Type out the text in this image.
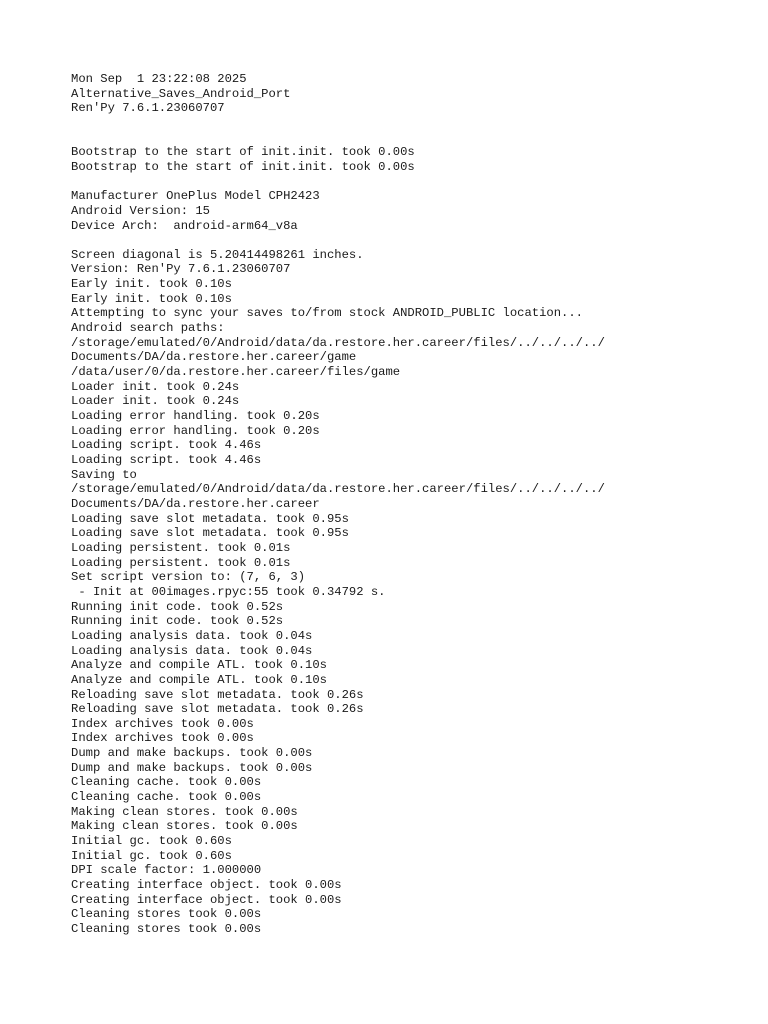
Mon Sep  1 23:22:08 2025
Alternative_Saves_Android_Port
Ren'Py 7.6.1.23060707
Bootstrap to the start of init.init. took 0.00s
Bootstrap to the start of init.init. took 0.00s
Manufacturer OnePlus Model CPH2423
Android Version: 15
Device Arch:  android-arm64_v8a
Screen diagonal is 5.20414498261 inches.
Version: Ren'Py 7.6.1.23060707
Early init. took 0.10s
Early init. took 0.10s
Attempting to sync your saves to/from stock ANDROID_PUBLIC location...
Android search paths:
/storage/emulated/0/Android/data/da.restore.her.career/files/../../../../
Documents/DA/da.restore.her.career/game
/data/user/0/da.restore.her.career/files/game
Loader init. took 0.24s
Loader init. took 0.24s
Loading error handling. took 0.20s
Loading error handling. took 0.20s
Loading script. took 4.46s
Loading script. took 4.46s
Saving to
/storage/emulated/0/Android/data/da.restore.her.career/files/../../../../
Documents/DA/da.restore.her.career
Loading save slot metadata. took 0.95s
Loading save slot metadata. took 0.95s
Loading persistent. took 0.01s
Loading persistent. took 0.01s
Set script version to: (7, 6, 3)
- Init at 00images.rpyc:55 took 0.34792 s.
Running init code. took 0.52s
Running init code. took 0.52s
Loading analysis data. took 0.04s
Loading analysis data. took 0.04s
Analyze and compile ATL. took 0.10s
Analyze and compile ATL. took 0.10s
Reloading save slot metadata. took 0.26s
Reloading save slot metadata. took 0.26s
Index archives took 0.00s
Index archives took 0.00s
Dump and make backups. took 0.00s
Dump and make backups. took 0.00s
Cleaning cache. took 0.00s
Cleaning cache. took 0.00s
Making clean stores. took 0.00s
Making clean stores. took 0.00s
Initial gc. took 0.60s
Initial gc. took 0.60s
DPI scale factor: 1.000000
Creating interface object. took 0.00s
Creating interface object. took 0.00s
Cleaning stores took 0.00s
Cleaning stores took 0.00s
